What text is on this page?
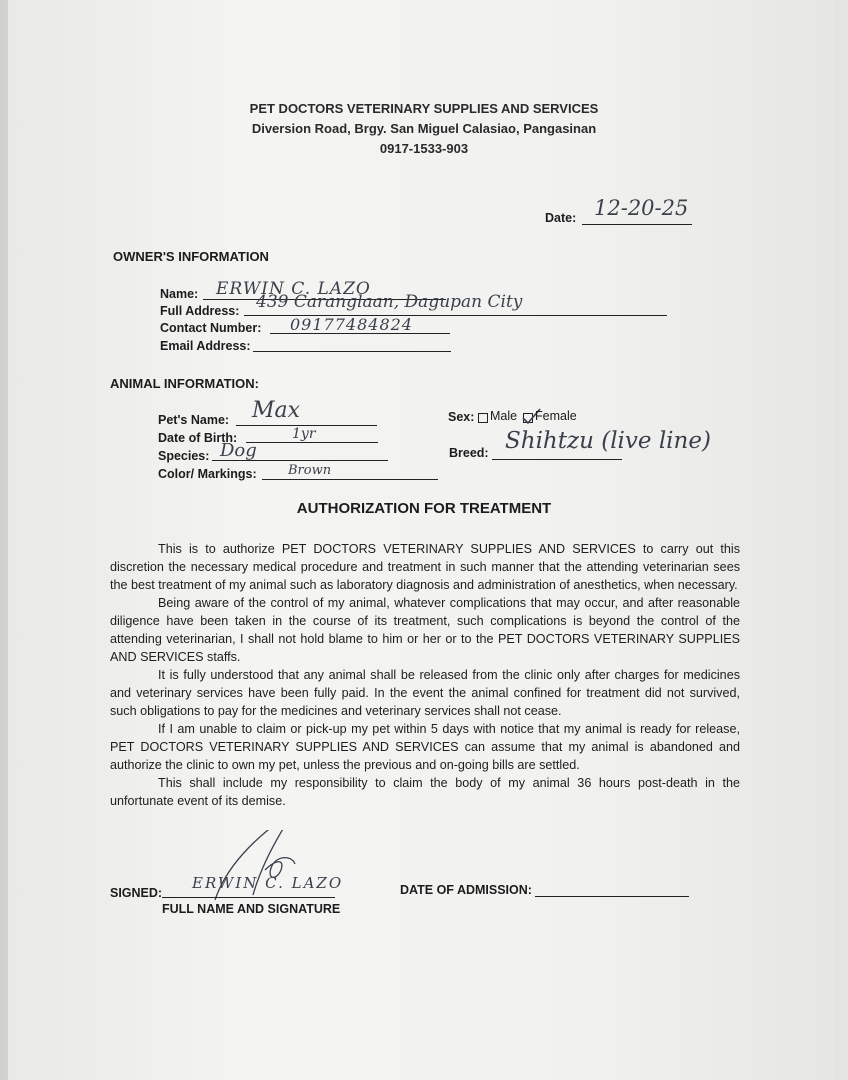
PET DOCTORS VETERINARY SUPPLIES AND SERVICES
Diversion Road, Brgy. San Miguel Calasiao, Pangasinan
0917-1533-903
Date: 12-20-25
OWNER'S INFORMATION
Name: ERWIN C. LAZO
Full Address: 439 Caranglaan, Dagupan City
Contact Number: 09177484824
Email Address:
ANIMAL INFORMATION:
Pet's Name: Max
Date of Birth:	1yr
Species: Dog
Color/ Markings: Brown
Sex: Male Female
Breed: Shihtzu (live line)
AUTHORIZATION FOR TREATMENT

This is to authorize PET DOCTORS VETERINARY SUPPLIES AND SERVICES to carry out this discretion the necessary medical procedure and treatment in such manner that the attending veterinarian sees the best treatment of my animal such as laboratory diagnosis and administration of anesthetics, when necessary.

Being aware of the control of my animal, whatever complications that may occur, and after reasonable diligence have been taken in the course of its treatment, such complications is beyond the control of the attending veterinarian, I shall not hold blame to him or her or to the PET DOCTORS VETERINARY SUPPLIES AND SERVICES staffs.

It is fully understood that any animal shall be released from the clinic only after charges for medicines and veterinary services have been fully paid. In the event the animal confined for treatment did not survived, such obligations to pay for the medicines and veterinary services shall not cease.

If I am unable to claim or pick-up my pet within 5 days with notice that my animal is ready for release, PET DOCTORS VETERINARY SUPPLIES AND SERVICES can assume that my animal is abandoned and authorize the clinic to own my pet, unless the previous and on-going bills are settled.

This shall include my responsibility to claim the body of my animal 36 hours post-death in the unfortunate event of its demise.

SIGNED:
ERWIN C. LAZO
FULL NAME AND SIGNATURE
DATE OF ADMISSION:
